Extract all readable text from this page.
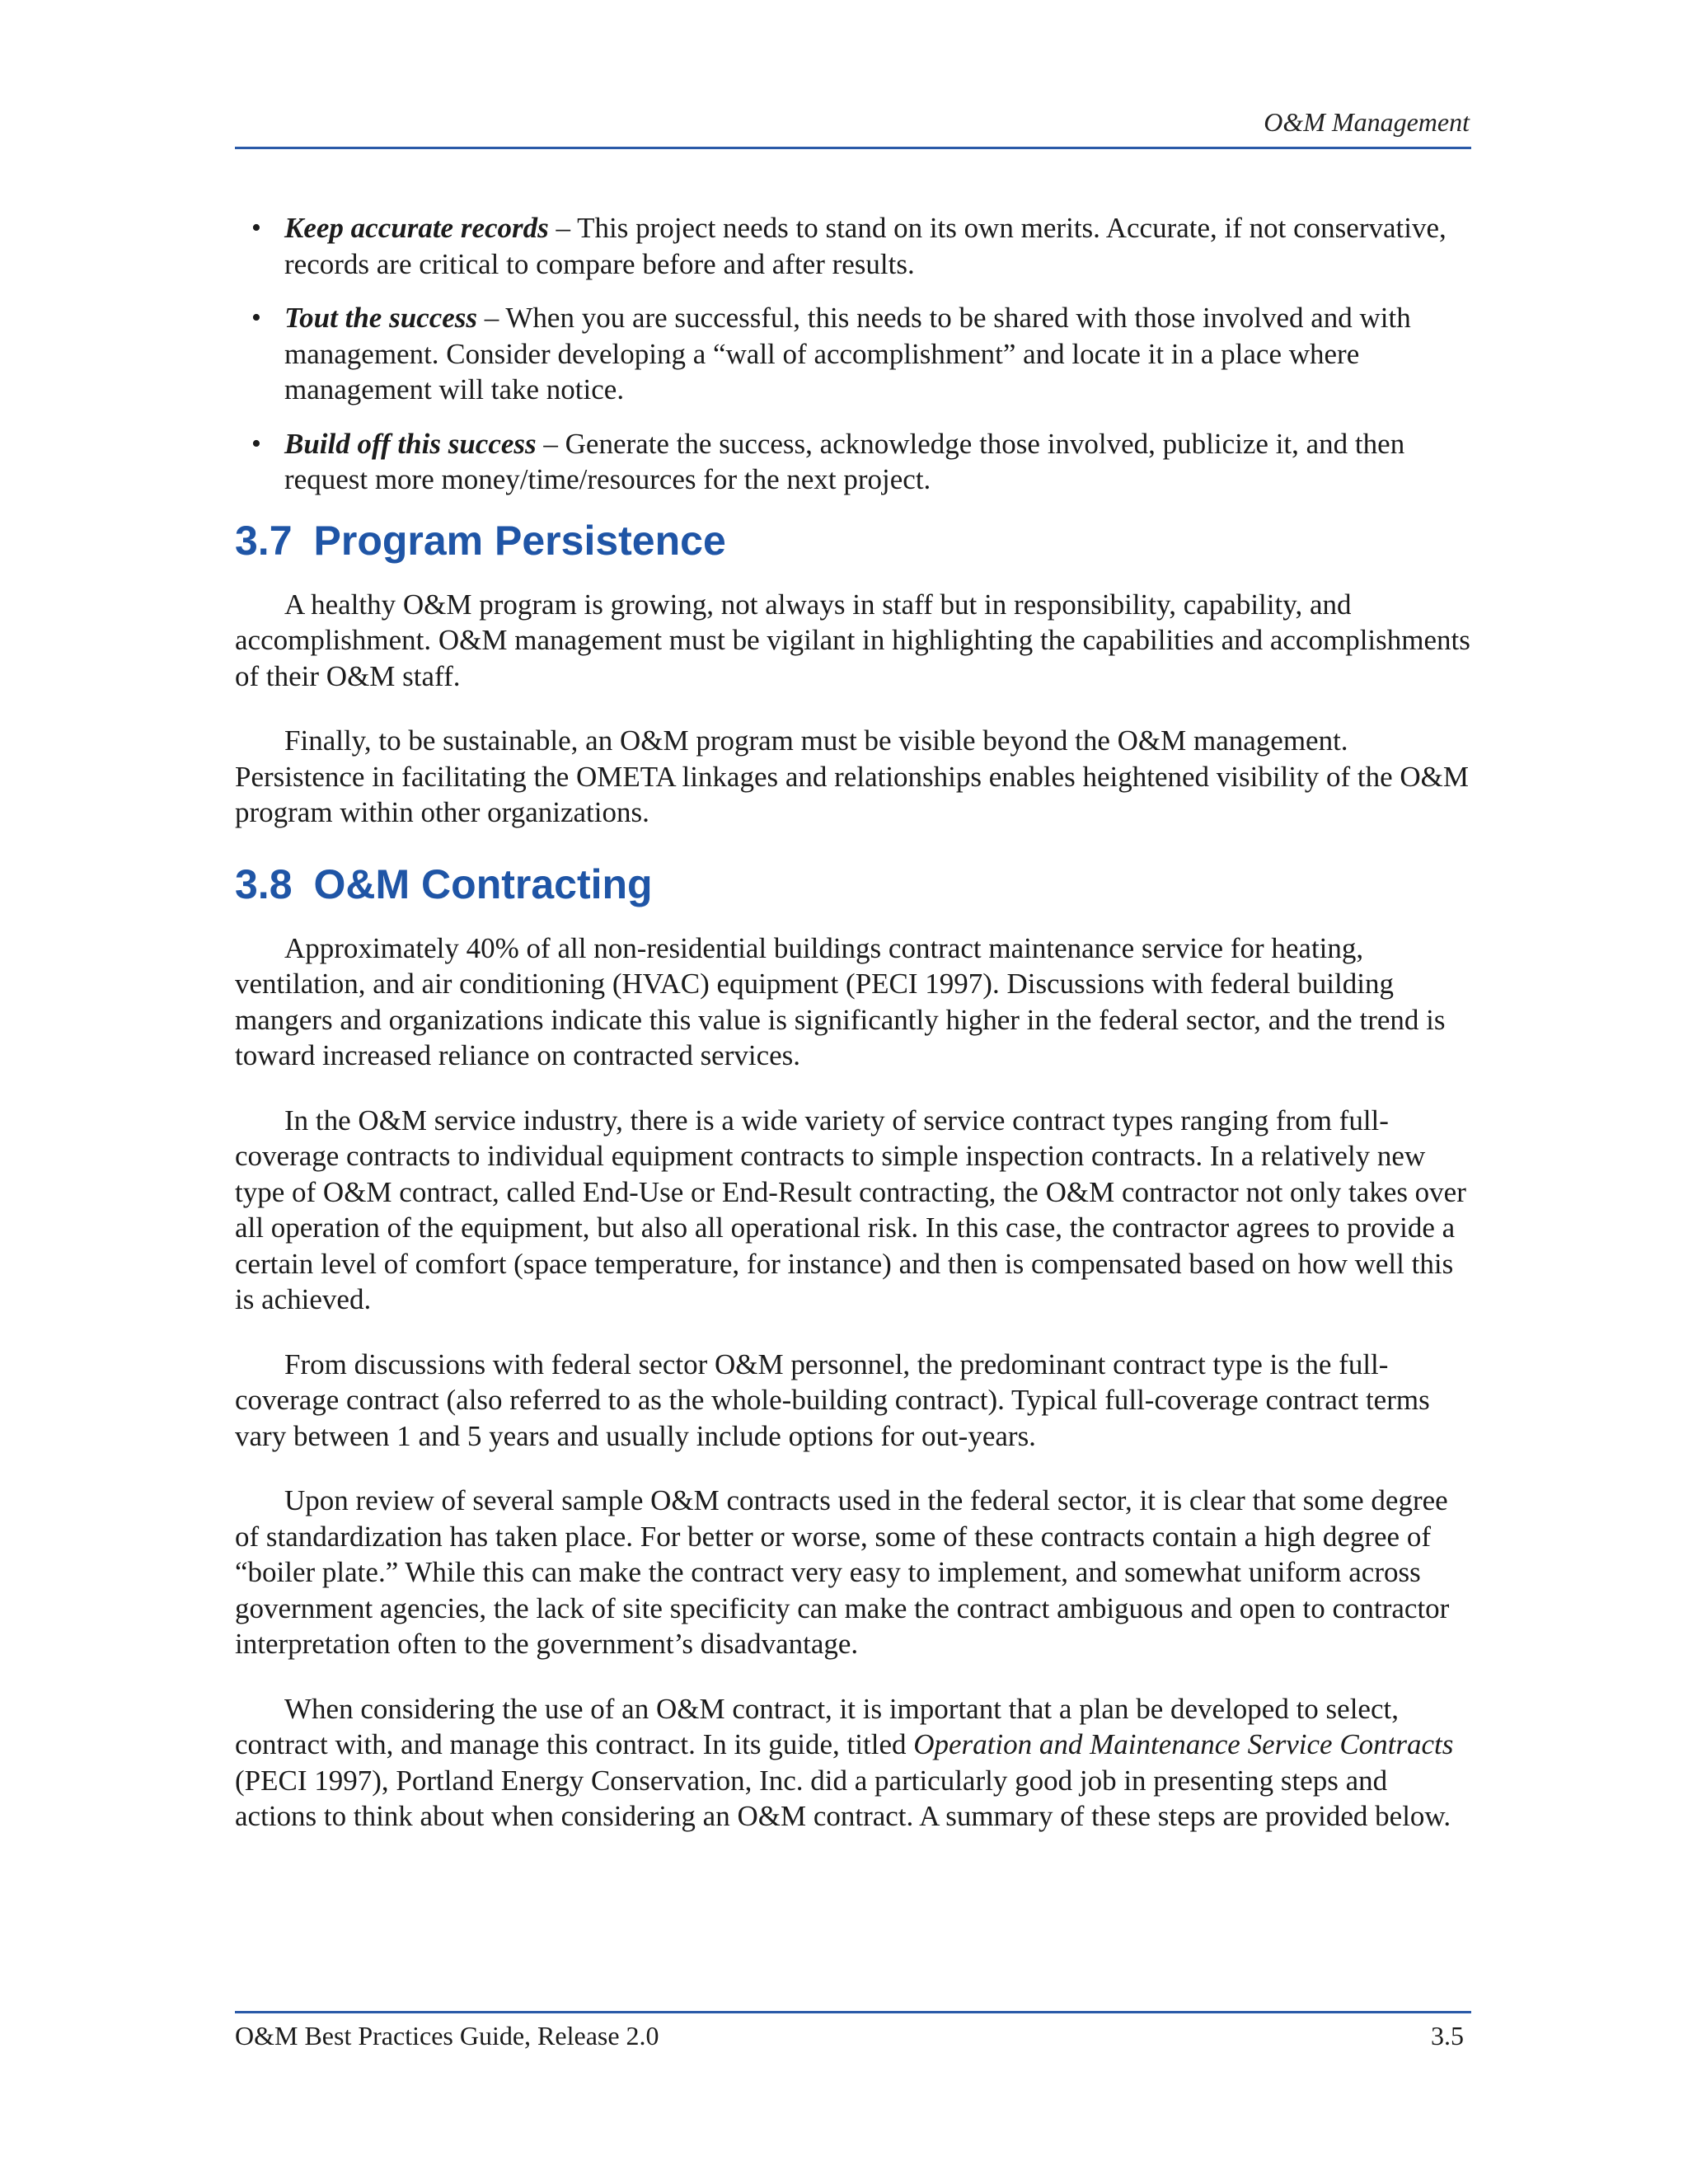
O&M Management
• Keep accurate records – This project needs to stand on its own merits. Accurate, if not conservative, records are critical to compare before and after results.
• Tout the success – When you are successful, this needs to be shared with those involved and with management. Consider developing a “wall of accomplishment” and locate it in a place where management will take notice.
• Build off this success – Generate the success, acknowledge those involved, publicize it, and then request more money/time/resources for the next project.
3.7 Program Persistence

A healthy O&M program is growing, not always in staff but in responsibility, capability, and accomplishment. O&M management must be vigilant in highlighting the capabilities and accomplishments of their O&M staff.

Finally, to be sustainable, an O&M program must be visible beyond the O&M management. Persistence in facilitating the OMETA linkages and relationships enables heightened visibility of the O&M program within other organizations.

3.8 O&M Contracting

Approximately 40% of all non-residential buildings contract maintenance service for heating, ventilation, and air conditioning (HVAC) equipment (PECI 1997). Discussions with federal building mangers and organizations indicate this value is significantly higher in the federal sector, and the trend is toward increased reliance on contracted services.

In the O&M service industry, there is a wide variety of service contract types ranging from full-coverage contracts to individual equipment contracts to simple inspection contracts. In a relatively new type of O&M contract, called End-Use or End-Result contracting, the O&M contractor not only takes over all operation of the equipment, but also all operational risk. In this case, the contractor agrees to provide a certain level of comfort (space temperature, for instance) and then is compensated based on how well this is achieved.

From discussions with federal sector O&M personnel, the predominant contract type is the full-coverage contract (also referred to as the whole-building contract). Typical full-coverage contract terms vary between 1 and 5 years and usually include options for out-years.

Upon review of several sample O&M contracts used in the federal sector, it is clear that some degree of standardization has taken place. For better or worse, some of these contracts contain a high degree of “boiler plate.” While this can make the contract very easy to implement, and somewhat uniform across government agencies, the lack of site specificity can make the contract ambiguous and open to contractor interpretation often to the government’s disadvantage.

When considering the use of an O&M contract, it is important that a plan be developed to select, contract with, and manage this contract. In its guide, titled Operation and Maintenance Service Contracts (PECI 1997), Portland Energy Conservation, Inc. did a particularly good job in presenting steps and actions to think about when considering an O&M contract. A summary of these steps are provided below.

O&M Best Practices Guide, Release 2.0	3.5
